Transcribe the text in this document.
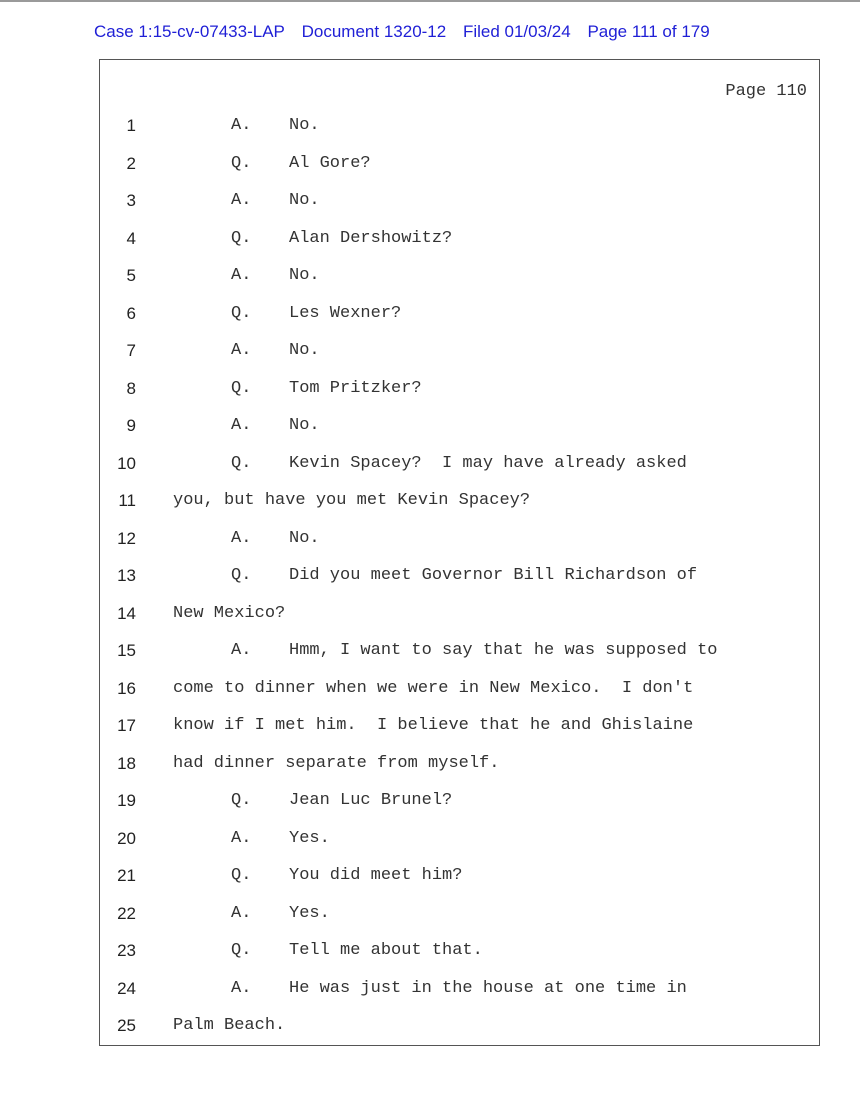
Case 1:15-cv-07433-LAP Document 1320-12 Filed 01/03/24 Page 111 of 179
Page 110
1	A. No.
2	Q. Al Gore?
3	A. No.
4	Q. Alan Dershowitz?
5	A. No.
6	Q. Les Wexner?
7	A. No.
8	Q. Tom Pritzker?
9	A. No.
10	Q. Kevin Spacey?  I may have already asked
11 you, but have you met Kevin Spacey?
12	A. No.
13	Q. Did you meet Governor Bill Richardson of
14 New Mexico?
15	A. Hmm, I want to say that he was supposed to
16 come to dinner when we were in New Mexico.  I don't
17 know if I met him.  I believe that he and Ghislaine
18 had dinner separate from myself.
19	Q. Jean Luc Brunel?
20	A. Yes.
21	Q. You did meet him?
22	A. Yes.
23	Q. Tell me about that.
24	A. He was just in the house at one time in
25 Palm Beach.
